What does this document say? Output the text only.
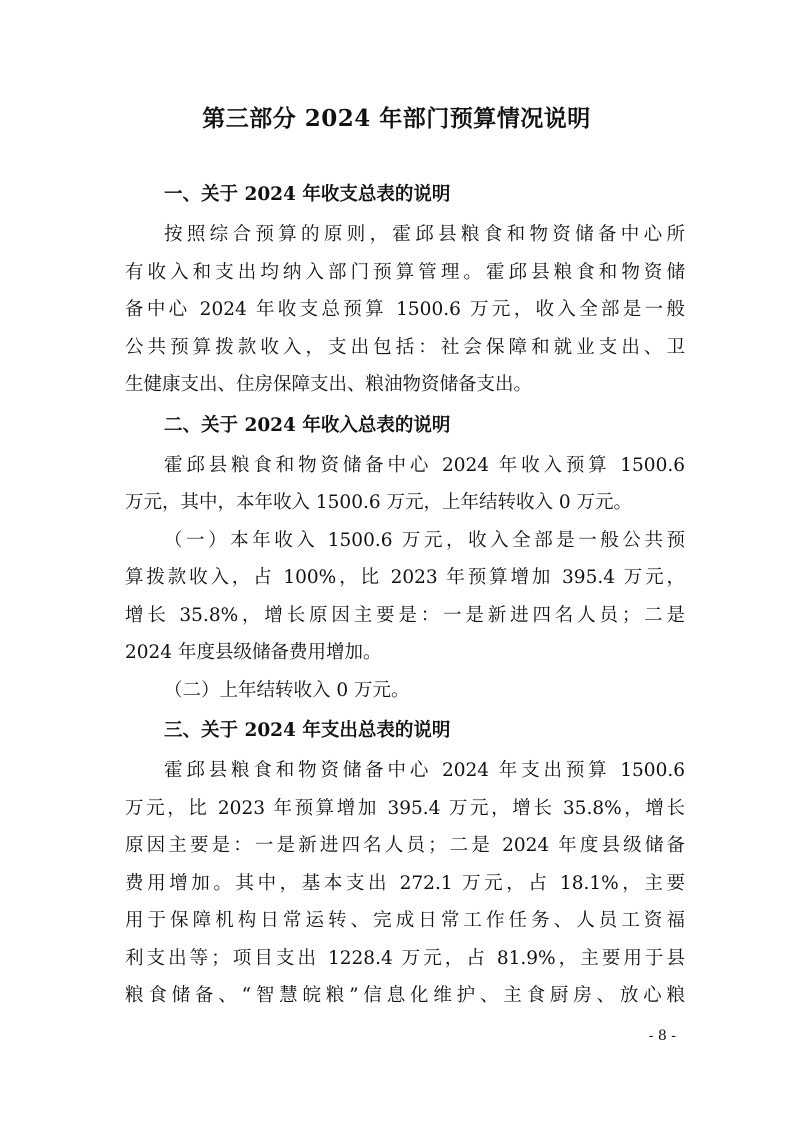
第三部分 2024 年部门预算情况说明
一、关于 2024 年收支总表的说明
按照综合预算的原则，霍邱县粮食和物资储备中心所
有收入和支出均纳入部门预算管理。霍邱县粮食和物资储
备中心 2024 年收支总预算 1500.6 万元，收入全部是一般
公共预算拨款收入，支出包括：社会保障和就业支出、卫
生健康支出、住房保障支出、粮油物资储备支出。
二、关于 2024 年收入总表的说明
霍邱县粮食和物资储备中心 2024 年收入预算 1500.6
万元，其中，本年收入 1500.6 万元，上年结转收入 0 万元。
（一）本年收入 1500.6 万元，收入全部是一般公共预
算拨款收入，占 100%，比 2023 年预算增加 395.4 万元，
增长 35.8%，增长原因主要是：一是新进四名人员；二是
2024 年度县级储备费用增加。
（二）上年结转收入 0 万元。
三、关于 2024 年支出总表的说明
霍邱县粮食和物资储备中心 2024 年支出预算 1500.6
万元，比 2023 年预算增加 395.4 万元，增长 35.8%，增长
原因主要是：一是新进四名人员；二是 2024 年度县级储备
费用增加。其中，基本支出 272.1 万元，占 18.1%，主要
用于保障机构日常运转、完成日常工作任务、人员工资福
利支出等；项目支出 1228.4 万元，占 81.9%，主要用于县
粮食储备、“智慧皖粮”信息化维护、主食厨房、放心粮
- 8 -
